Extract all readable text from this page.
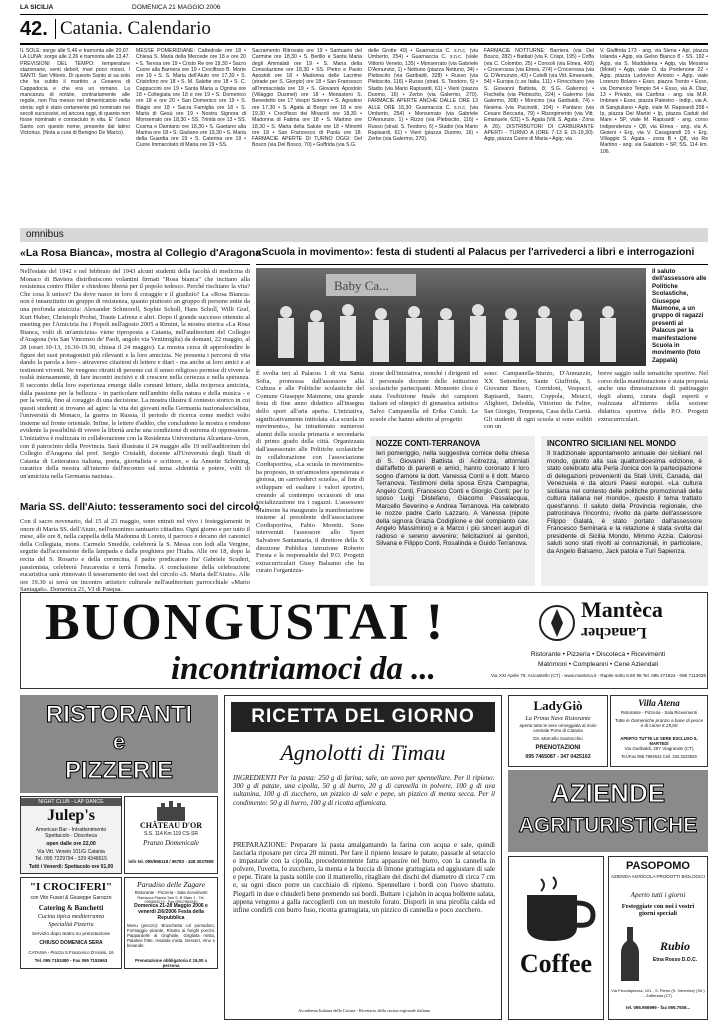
LA SICILIA	DOMENICA 21 MAGGIO 2006
42. Catania. Calendario
IL SOLE: sorge alle 5,46 e tramonta alle 20,07. LA LUNA: sorge alle 2,26 e tramonta alle 13,47. PREVISIONI DEL TEMPO: temperature stazionarie, venti deboli, mari poco mossi. I SANTI: San Vittorio. Di questo Santo si sa solo che ha subito il martirio a Cesarea di Cappadocia e che era un romano. La mancanza di notizie, contrariamente alle regole, non l'ha messo nel dimenticatoio nella storia: egli è stato certamente più nominato nei secoli successivi, ed ancora oggi, di quanto non fosse nominato e conosciuto in vita. E' l'unico Santo con questo nome, presente dal latino Victorius. (Nota a cura di Benigno De Marco).
MESSE POMERIDIANE: Cattedrale ore 18 • Chiesa S. Maria della Mercede ore 18 e ore 20 • S. Teresa ore 19 • Cristo Re ore 19,30 • Sacro Cuore alla Barriera ore 19 • Crocifisso B. Morte ore 19 • S. S. Maria dell'Aiuto ore 17,30 • S. Cristoforo ore 18 • S. M. Salette ore 18 • S. C. Cappuccini ore 19 • Santa Maria a Ognina ore 18 • Collegiata ore 18 e ore 19 • S. Domenico ore 18 e ore 20 • San Domenico ore 19 • S. Biagio ore 18 • Sacra Famiglia ore 18 • S. Maria di Gesù ore 19 • Nostra Signora di Monserrato ore 18,30 • SS. Trinità ore 13 • SS. Cosma e Damiano ore 18,30 • S. Gaetano alla Marina ore 18 • S. Giuliano ore 19,30 • S. Maria della Guardia ore 19 • S. Caterina ore 19 • Cuore Immacolato di Maria ore 19 • SS.
Sacramento Ritrovato ore 19 • Santuario del Carmine ore 18,30 • S. Berillo e Santa Maria degli Ammalati ore 19 • S. Maria della Consolazione ore 18,30 • SS. Pietro e Paolo Apostoli ore 18 • Madonna delle Lacrime (strade per S. Giorgio) ore 18 • San Francesco all'Immacolata ore 19 • S. Giovanni Apostolo (Villaggio Dusmet) ore 18 • Monastero S. Benedetto ore 17 Vespri Solenni • S. Agostino ore 17,30 • S. Agata al Borgo ore 18 e ore 19,30 • Crocifisso dei Miracoli ore 18,30 • Madonna di Fatima ore 18 • S. Martino ore 18,30 • S. Maria della Salute ore 18 • Minoriti ore 18 • San Francesco di Paola ore 18. FARMACIE APERTE DI TURNO OGGI: Del Bosco (via Del Bosco, 70) • Guffrida (via S.G.
delle Grotte 40) • Guarnaccia C. s.n.c. (via Umberto, 254) • Guarnaccia C. s.n.c. (viale Vittorio Veneto, 135) • Monserrato (via Gabriele D'Annunzio, 1) • Nettuno (piazza Nettuno, 34) • Plebiscito (via Garibaldi, 328) • Russo (via Plebiscito, 116) • Russo (strad. S. Teodoro, 6) • Stadio (via Mario Rapisardi, 61) • Vieni (piazza Duomo, 16) • Zerbo (via Galermo, 270). FARMACIE APERTE ANCHE DALLE ORE 13 ALLE ORE 16,30: Guarnaccia C. s.n.c. (via Umberto, 254) • Monserrato (via Gabriele D'Annunzio, 1) • Rizzo (via Plebiscito, 116) • Russo (strad. S. Teodoro, 6) • Stadio (via Mario Rapisardi, 61) • Vieni (piazza Duomo, 16) • Zerbo (via Galermo, 270).
FARMACIE NOTTURNE: Barriera (via Del Bosco, 282) • Battiati (via F. Crispi, 195) • Coffa (via C. Colombo, 25) • Consoli (via Etnea, 400) • Crocerossa (via Etnea, 274) • Crocerossa (via G. D'Annunzio, 43) • Cutelli (via Vitt. Emanuele, 54) • Europa (c.so Italia, 111) • Finocchiaro (via S. Giovanni Battista, 8; S.G. Galermo) • Fischella (via Plebiscito, 224) • Galermo (via Galermo, 308) • Moncino (via Garibaldi, 74) • Nesima (via Pacinotti, 104) • Pantano (via Cesare Beccaria, 79) • Risorgimento (via Vitt. Emanuele, 631) • S. Agata (Vill. S. Agata - Zona A 26). DISTRIBUTORI DI CARBURANTE APERTI - TURNO A (ORE 7-13 E 15-19,30): Agip, piazza Cuore di Maria • Agip, via
V. Giuffrida 173 - ang. via Siena • Api, piazza Iolanda • Agip, via Gelso Bianco 8 - SS. 192 • Agip, via S. Maddalena • Agip, via Messina (Motel) • Agip, viale O. da Pordenone 22 • Agip, piazza Ludovico Ariosto • Agip, viale Lorenzo Bolano • Esso, piazza Trento • Esso, via Domenico Tempio 54 • Esso, via A. Diaz, 13 • Privato, via Canfora - ang. via M.R. Imbriani • Esso, piazza Palestro - Indip., via A. di Sangiuliano • Agip, viale M. Rapisardi 358 • Ip, piazza Dei Martiri • Ip, piazza Caduti del Mare • SP, viale M. Rapisardi - ang. corso Indipendenza • Q8, via Etnea - ang. via A. Gioieni • Erg, via V. Casagrandi 15 • Erg, Villaggio S. Agata - zona B • Q8, via Re Martino - ang. via Galatioto • SP, SS. 114 km. 106.
omnibus
«La Rosa Bianca», mostra al Collegio d'Aragona
Nell'estate del 1942 e nel febbraio del 1943 alcuni studenti della facoltà di medicina di Monaco di Baviera distribuiscono volantini firmati "Rosa bianca" che incitano alla resistenza contro Hitler e chiedono libertà per il popolo tedesco. Perché rischiano la vita? Che cosa li unisce? Da dove nasce in loro il coraggio e il giudizio? La «Rosa Bianca» non è innanzitutto un gruppo di resistenza, quanto piuttosto un gruppo di persone unite da una profonda amicizia: Alexander Schmorell, Sophie Scholl, Hans Scholl, Willi Graf, Kurt Huber, Christoph Probst, Traute Lafrenz e altri. Dopo il grande successo ottenuto al meeting per l'Amicizia fra i Popoli nell'agosto 2005 a Rimini, la mostra storica «La Rosa Bianca, volti di un'amicizia» viene riproposta a Catania, nell'auditorium del Collegio d'Aragona (via San Vincenzo de' Paoli, angolo via Ventimiglia) da domani, 22 maggio, al 28 (orari 10-13, 16.30-19.30, chiusa il 24 maggio). La mostra cerca di approfondire le figure dei suoi protagonisti più rilevanti e la loro amicizia. Ne presenta i percorsi di vita dando la parola a loro - attraverso citazioni di lettere e diari - ma anche ai loro amici e ai testimoni viventi. Ne vengono ritratti di persone cui il senso religioso permise di vivere la realtà intensamente, di fare incontri incisivi e di crescere nella certezza e nella speranza. Il racconto della loro esperienza emerge dalle comuni letture, dalla reciproca amicizia, dalla passione per la bellezza - in particolare nell'ambito della natura e della musica - e per la verità, fino al coraggio di una decisione. La mostra illustra il contesto storico in cui questi studenti si trovano ad agire: la vita dei giovani nella Germania nazionalsocialista, l'università di Monaco, la guerra in Russia, il periodo di ricerca come medici volto insieme sul fronte orientale. Infine, le lettere d'addio, che concludono la mostra e rendono evidente la possibilità di vivere la libertà anche una condizione di estrema di oppressione. L'iniziativa è realizzata in collaborazione con la Residenza Universitaria Alcantara-Arces, con il patrocinio della Provincia. Sarà illustrata il 24 maggio alle 19 nell'auditorium del Collegio d'Aragona dal prof. Sergio Cristaldi, docente all'Università degli Studi di Catania di Letteratura italiana, poeta, giornalista e scrittore, e da Annette Schöning, curatrice della mostra all'interno dell'incontro sul tema «Identità e potere, volti di un'amicizia nella Germania nazista».
Maria SS. dell'Aiuto: tesseramento soci del circolo
Con il sacro novenario, dal 15 al 23 maggio, sono entrati nel vivo i festeggiamenti in onore di Maria SS. dell'Aiuto, nell'omonimo santuario cittadino. Ogni giorno e per tutto il mese, alle ore 8, nella cappella della Madonna di Loreto, il parroco e decano dei canonici della Collegiata, mons. Carmelo Smedile, celebrerà la S. Messa con lodi alla Vergine, seguite dall'accensione della lampada e dalla preghiera per l'Italia. Alle ore 18, dopo la recita del S. Rosario e della coroncina, il padre predicatore fra' Gabriele Scuderi, passionista, celebrerà l'eucarestia e terrà l'omelia. A conclusione della celebrazione eucaristica sarà rinnovato il tesseramento dei soci del circolo «S. Maria dell'Aiuto». Alle ore 19.30 si terrà un incontro artistico culturale nell'auditorium parrocchiale «Mario Santagati». Domenica 21, VI di Pasqua.
«Scuola in movimento»: festa di studenti al Palacus per l'arrivederci a libri e interrogazioni
Baby Ca...
Il saluto dell'assessore alle Politiche Scolastiche, Giuseppe Maimone, a un gruppo di ragazzi presenti al Palacus per la manifestazione Scuola in movimento (foto Zappalà)
È svolta ieri al Palacus 1 di via Santa Sofia, promossa dall'assessore alla Cultura e alle Politiche scolastiche del Comune Giuseppe Maimone, una grande festa di fine anno didattico all'insegna dello sport all'aria aperta. L'iniziativa, significativamente intitolata «La scuola in movimento», ha intrattenuto numerosi alunni della scuola primaria e secondaria di primo grado della città. Organizzata dall'assessorato alle Politiche scolastiche in collaborazione con l'associazione Cordisportiva, «La scuola in movimento» ha proposto, in un'atmosfera spensierata e gioiosa, un «arrivederci scuola», al fine di sviluppare ed esaltare i valori sportivi, creando al contempo occasioni di una socializzazione tra i ragazzi. L'assessore Maimone ha inaugurato la manifestazione insieme al presidente dell'associazione Cordisportiva, Fabio Moretti. Sono intervenuti l'assessore allo Sport Salvatore Santamaria, il direttore della X direzione Pubblica istruzione Roberto Fresta e la responsabile del P.O. Progetti extracurriculari Giusy Balsamo che ha curato l'organizza-
zione dell'iniziativa, nonché i dirigenti ed il personale docente delle istituzioni scolastiche partecipanti. Momento clou è stata l'esibizione finale dei campioni italiani ed olimpici di ginnastica artistica Salvo Campanella ed Erika Cutuli. Le scuole che hanno aderito al progetto
sono: Campanella-Sturzo, D'Annunzio, XX Settembre, Sante Giuffrida, S. Giovanni Bosco, Corridoni, Vespucci, Rapisardi, Sauro, Coppola, Meucci, Alighieri, Deledda, Vittorino da Feltre, San Giorgio, Tempesta, Casa della Carità. Gli studenti di ogni scuola si sono esibiti con un
breve saggio sulle tematiche sportive. Nel corso della manifestazione è stata proposta anche una dimostrazione di pattinaggio degli alunni, curata dagli esperti e realizzata all'interno della sezione didattica sportiva della P.O. Progetti extracurriculari.
NOZZE CONTI-TERRANOVA
Ieri pomeriggio, nella suggestiva cornice della chiesa di S. Giovanni Battista di Acitrezza, attorniati dall'affetto di parenti e amici, hanno coronato il loro sogno d'amore la dott. Vanessa Conti e il dott. Marco Terranova. Testimoni della sposa Enza Campagna, Angelo Conti, Francesco Conti e Giorgio Conti; per lo sposo Luigi Distefano, Giacomo Passalacqua, Marcello Severino e Andrea Terranova. Ha celebrato le nozze padre Carlo Lazzaro. A Vanessa (nipote della signora Grazia Codiglione e del compianto cav. Angelo Massimino) e a Marco i più sinceri auguri di radioso e sereno avvenire; felicitazioni ai genitori, Silvana e Filippo Conti, Rosalinda e Guido Terranova.
INCONTRO SICILIANI NEL MONDO
Il tradizionale appuntamento annuale dei siciliani nel mondo, giunto alla sua quattordicesima edizione, è stato celebrato alla Perla Jonica con la partecipazione di delegazioni provenienti da Stati Uniti, Canada, dal Venezuela e da alcuni Paesi europei. «La cultura siciliana nel contesto delle politiche promozionali della cultura italiana nel mondo», questo il tema trattato quest'anno. Il saluto della Provincia regionale, che patrocinava l'incontro, rivolto da parte dell'assessore Filippo Galatà, è stato portato dall'assessore Francesco Seminara e la relazione è stata svolta dal presidente di Sicilia Mondo, Mimmo Azzia. Calorosi saluti sono stati rivolti ai connazionali, in particolare, da Angelo Balsamo, Jack patola e Turi Sapienza.
BUONGUSTAI !
incontriamoci da ...
Mantèca
Lanacher
Ristorante • Pizzeria • Discoteca • Ricevimenti
Matrimoni • Compleanni • Cene Aziendali
Via XXI Aprile 79, Acicastello (CT) - www.manteca.it - Rapite sotto 6.60 95 Tel. 095 271824 - 095 7113036
RISTORANTI
e
PIZZERIE
NIGHT CLUB - LAP DANCE
Julep's
American Bar - Intrattenimento Spettacolo - Discoteca
open dalle ore 22,00
Via Vitt. Veneto 101/G Catania
Tel. 095 7229794 - 329 4348615
Tutti i Venerdì: Spettacolo ore 01,00
CHÂTEAU D'OR
S.S. 114 Km 119 CS-SR
Pranzo Domenicale
info tel. 095/996118 / 96783 - 348 3037808
"I CROCIFERI"
con Vito Fusari & Giuseppe Garozzo
Catering & Banchetti
Cucina tipica mediterranea
Specialità Pizzeria
Servizio dopo teatro su prenotazione
CHIUSO DOMENICA SERA
CATANIA - Piazza S.Francesco D'Assisi, 16
Tel. 095 7152480 - Fax 095 7152663
Paradiso delle Zagare
Ristorante - Pizzeria - Sala ricevimenti
Ramacca Piazza Tam S. B Stato 1 - Tel. 095/653279 - Fax 095/7853240
Domenica 21-28 Maggio 2006 e venerdì 2/6/2006 Festa della Repubblica
Menu (prezzo): Bruschetta col pomodoro, Formaggio picante, Risotto ai funghi porcini, Pappardelle al cinghiale, Grigliata mista, Patatine fritte, Insalata mista, Dessert, Vino e bevande.
Prenotazione obbligatoria € 15,00 a persona
RICETTA DEL GIORNO
Agnolotti di Timau
INGREDIENTI Per la pasta: 250 g di farina, sale, un uovo per spennellare. Per il ripieno: 300 g di patate, una cipolla, 50 g di burro, 20 g di cannella in polvere, 100 g di uva sultanina, 100 g di zucchero, un pizzico di sale e pepe, un pizzico di menta secca. Per il condimento: 50 g di burro, 100 g di ricotta affumicata.
PREPARAZIONE: Preparare la pasta amalgamando la farina con acqua e sale, quindi lasciarla riposare per circa 20 minuti. Per fare il ripieno lessare le patate, passarle al setaccio e impastarle con la cipolla, precedentemente fatta appassire nel burro, con la cannella in polvere, l'uvetta, lo zucchero, la menta e la buccia di limone grattugiata ed aggiustare di sale e pepe. Tirare la pasta sottile con il matterello, ritagliare dei dischi del diametro di circa 7 cm e, su ogni disco porre un cucchiaio di ripieno. Spennellare i bordi con l'uovo sbattuto. Piegarli in due e chiuderli bene premendo sui bordi. Buttare i cjalsòn in acqua bollente salata, appena vengono a galla raccoglierli con un mestolo forato. Disporli in una pirofila calda ed infine condirli con burro fuso, ricotta grattugiata, un pizzico di cannella e poco zucchero.
Accademia Italiana della Cucina - Ricettario della cucina regionale italiana
LadyGiò
La Prima Nave Ristorante
aperta tutte le sere ormeggiata al molo centrale Porto di Catania
Dir. Marcello Santocchio
PRENOTAZIONI
095 7465087 - 347 0425163
Villa Atena
Ristorante - Pizzeria - Sala Ricevimenti
Tutte le Domeniche pranzo a base di pesce e di carne € 25,00
APERTO TUTTE LE SERE ESCLUSO IL MARTEDÌ
Via Garibaldi, 297 Viagrande (CT)
Tel./Fax 095.7893642 Cell. 334.3223629
AZIENDE
AGRITURISTICHE
Coffee
PASOPOMO
AZIENDA AGRICOLA PRODOTTI BIOLOGICI
Aperto tutti i giorni
Festeggiate con noi i vostri giorni speciali
Rubio
Etna Rosso D.O.C.
Via Piccolapiezza, 101 - S. Pietro (S. Venerina) (Tel.) - Zafferana (CT)
tel. 095.956999 - fax 095.7939...
